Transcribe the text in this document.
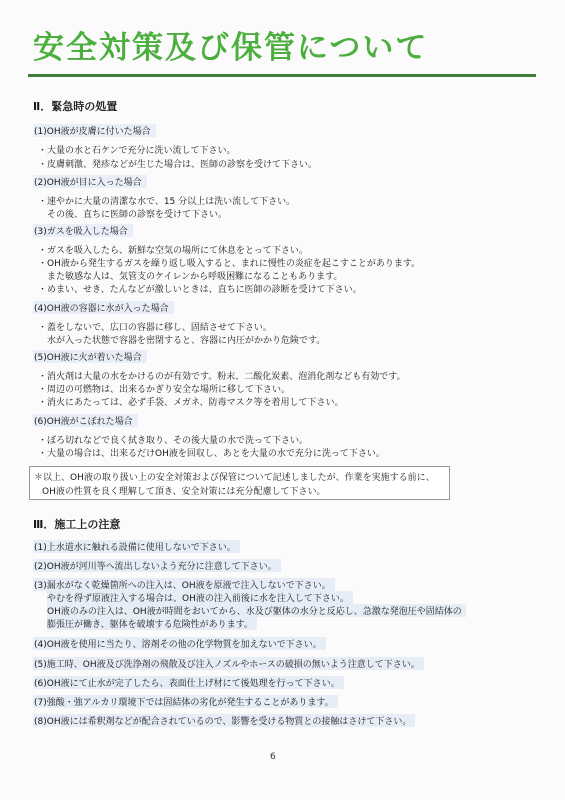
安全対策及び保管について
Ⅱ．緊急時の処置
(1)OH液が皮膚に付いた場合
・大量の水と石ケンで充分に洗い流して下さい。
・皮膚刺激、発疹などが生じた場合は、医師の診察を受けて下さい。
(2)OH液が目に入った場合
・速やかに大量の清潔な水で、15 分以上は洗い流して下さい。
その後、直ちに医師の診察を受けて下さい。
(3)ガスを吸入した場合
・ガスを吸入したら、新鮮な空気の場所にて休息をとって下さい。
・OH液から発生するガスを繰り返し吸入すると、まれに慢性の炎症を起こすことがあります。
また敏感な人は、気管支のケイレンから呼吸困難になることもあります。
・めまい、せき、たんなどが激しいときは、直ちに医師の診断を受けて下さい。
(4)OH液の容器に水が入った場合
・蓋をしないで、広口の容器に移し、固結させて下さい。
水が入った状態で容器を密閉すると、容器に内圧がかかり危険です。
(5)OH液に火が着いた場合
・消火剤は大量の水をかけるのが有効です。粉末、二酸化炭素、泡消化剤なども有効です。
・周辺の可燃物は、出来るかぎり安全な場所に移して下さい。
・消火にあたっては、必ず手袋、メガネ、防毒マスク等を着用して下さい。
(6)OH液がこぼれた場合
・ぼろ切れなどで良く拭き取り、その後大量の水で洗って下さい。
・大量の場合は、出来るだけOH液を回収し、あとを大量の水で充分に洗って下さい。
＊以上、OH液の取り扱い上の安全対策および保管について記述しましたが、作業を実施する前に、
OH液の性質を良く理解して頂き、安全対策には充分配慮して下さい。
Ⅲ．施工上の注意
(1)上水道水に触れる設備に使用しないで下さい。
(2)OH液が河川等へ流出しないよう充分に注意して下さい。
(3)漏水がなく乾燥箇所への注入は、OH液を原液で注入しないで下さい。
やむを得ず原液注入する場合は、OH液の注入前後に水を注入して下さい。
OH液のみの注入は、OH液が時間をおいてから、水及び躯体の水分と反応し、急激な発泡圧や固結体の
膨張圧が働き、躯体を破壊する危険性があります。
(4)OH液を使用に当たり、溶剤その他の化学物質を加えないで下さい。
(5)施工時、OH液及び洗浄剤の飛散及び注入ノズルやホースの破損の無いよう注意して下さい。
(6)OH液にて止水が完了したら、表面仕上げ材にて後処理を行って下さい。
(7)強酸・強アルカリ環境下では固結体の劣化が発生することがあります。
(8)OH液には希釈剤などが配合されているので、影響を受ける物質との接触はさけて下さい。
6
